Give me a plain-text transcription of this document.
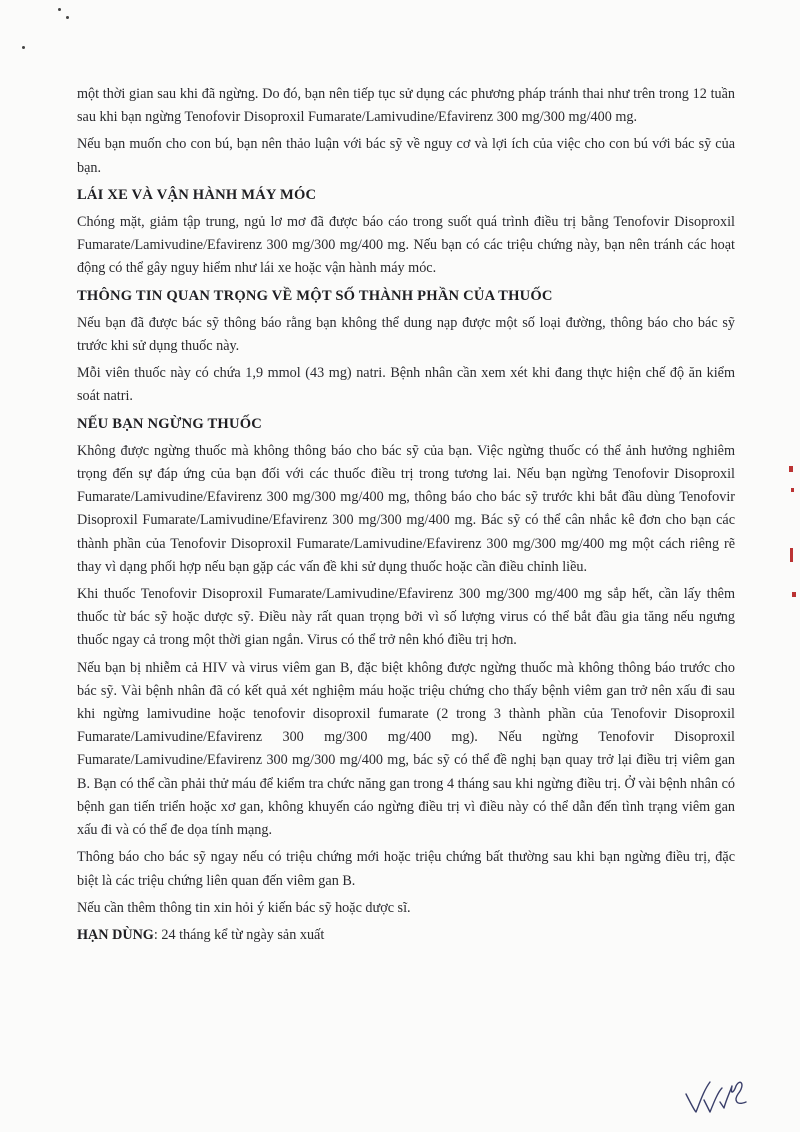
một thời gian sau khi đã ngừng. Do đó, bạn nên tiếp tục sử dụng các phương pháp tránh thai như trên trong 12 tuần sau khi bạn ngừng Tenofovir Disoproxil Fumarate/Lamivudine/Efavirenz 300 mg/300 mg/400 mg.

Nếu bạn muốn cho con bú, bạn nên thảo luận với bác sỹ về nguy cơ và lợi ích của việc cho con bú với bác sỹ của bạn.

LÁI XE VÀ VẬN HÀNH MÁY MÓC

Chóng mặt, giảm tập trung, ngủ lơ mơ đã được báo cáo trong suốt quá trình điều trị bằng Tenofovir Disoproxil Fumarate/Lamivudine/Efavirenz 300 mg/300 mg/400 mg. Nếu bạn có các triệu chứng này, bạn nên tránh các hoạt động có thể gây nguy hiểm như lái xe hoặc vận hành máy móc.

THÔNG TIN QUAN TRỌNG VỀ MỘT SỐ THÀNH PHẦN CỦA THUỐC

Nếu bạn đã được bác sỹ thông báo rằng bạn không thể dung nạp được một số loại đường, thông báo cho bác sỹ trước khi sử dụng thuốc này.

Mỗi viên thuốc này có chứa 1,9 mmol (43 mg) natri. Bệnh nhân cần xem xét khi đang thực hiện chế độ ăn kiểm soát natri.

NẾU BẠN NGỪNG THUỐC

Không được ngừng thuốc mà không thông báo cho bác sỹ của bạn. Việc ngừng thuốc có thể ảnh hưởng nghiêm trọng đến sự đáp ứng của bạn đối với các thuốc điều trị trong tương lai. Nếu bạn ngừng Tenofovir Disoproxil Fumarate/Lamivudine/Efavirenz 300 mg/300 mg/400 mg, thông báo cho bác sỹ trước khi bắt đầu dùng Tenofovir Disoproxil Fumarate/Lamivudine/Efavirenz 300 mg/300 mg/400 mg. Bác sỹ có thể cân nhắc kê đơn cho bạn các thành phần của Tenofovir Disoproxil Fumarate/Lamivudine/Efavirenz 300 mg/300 mg/400 mg một cách riêng rẽ thay vì dạng phối hợp nếu bạn gặp các vấn đề khi sử dụng thuốc hoặc cần điều chỉnh liều.

Khi thuốc Tenofovir Disoproxil Fumarate/Lamivudine/Efavirenz 300 mg/300 mg/400 mg sắp hết, cần lấy thêm thuốc từ bác sỹ hoặc dược sỹ. Điều này rất quan trọng bởi vì số lượng virus có thể bắt đầu gia tăng nếu ngưng thuốc ngay cả trong một thời gian ngắn. Virus có thể trở nên khó điều trị hơn.

Nếu bạn bị nhiễm cả HIV và virus viêm gan B, đặc biệt không được ngừng thuốc mà không thông báo trước cho bác sỹ. Vài bệnh nhân đã có kết quả xét nghiệm máu hoặc triệu chứng cho thấy bệnh viêm gan trở nên xấu đi sau khi ngừng lamivudine hoặc tenofovir disoproxil fumarate (2 trong 3 thành phần của Tenofovir Disoproxil Fumarate/Lamivudine/Efavirenz 300 mg/300 mg/400 mg). Nếu ngừng Tenofovir Disoproxil Fumarate/Lamivudine/Efavirenz 300 mg/300 mg/400 mg, bác sỹ có thể đề nghị bạn quay trở lại điều trị viêm gan B. Bạn có thể cần phải thử máu để kiểm tra chức năng gan trong 4 tháng sau khi ngừng điều trị. Ở vài bệnh nhân có bệnh gan tiến triển hoặc xơ gan, không khuyến cáo ngừng điều trị vì điều này có thể dẫn đến tình trạng viêm gan xấu đi và có thể đe dọa tính mạng.

Thông báo cho bác sỹ ngay nếu có triệu chứng mới hoặc triệu chứng bất thường sau khi bạn ngừng điều trị, đặc biệt là các triệu chứng liên quan đến viêm gan B.

Nếu cần thêm thông tin xin hỏi ý kiến bác sỹ hoặc dược sĩ.

HẠN DÙNG: 24 tháng kể từ ngày sản xuất
